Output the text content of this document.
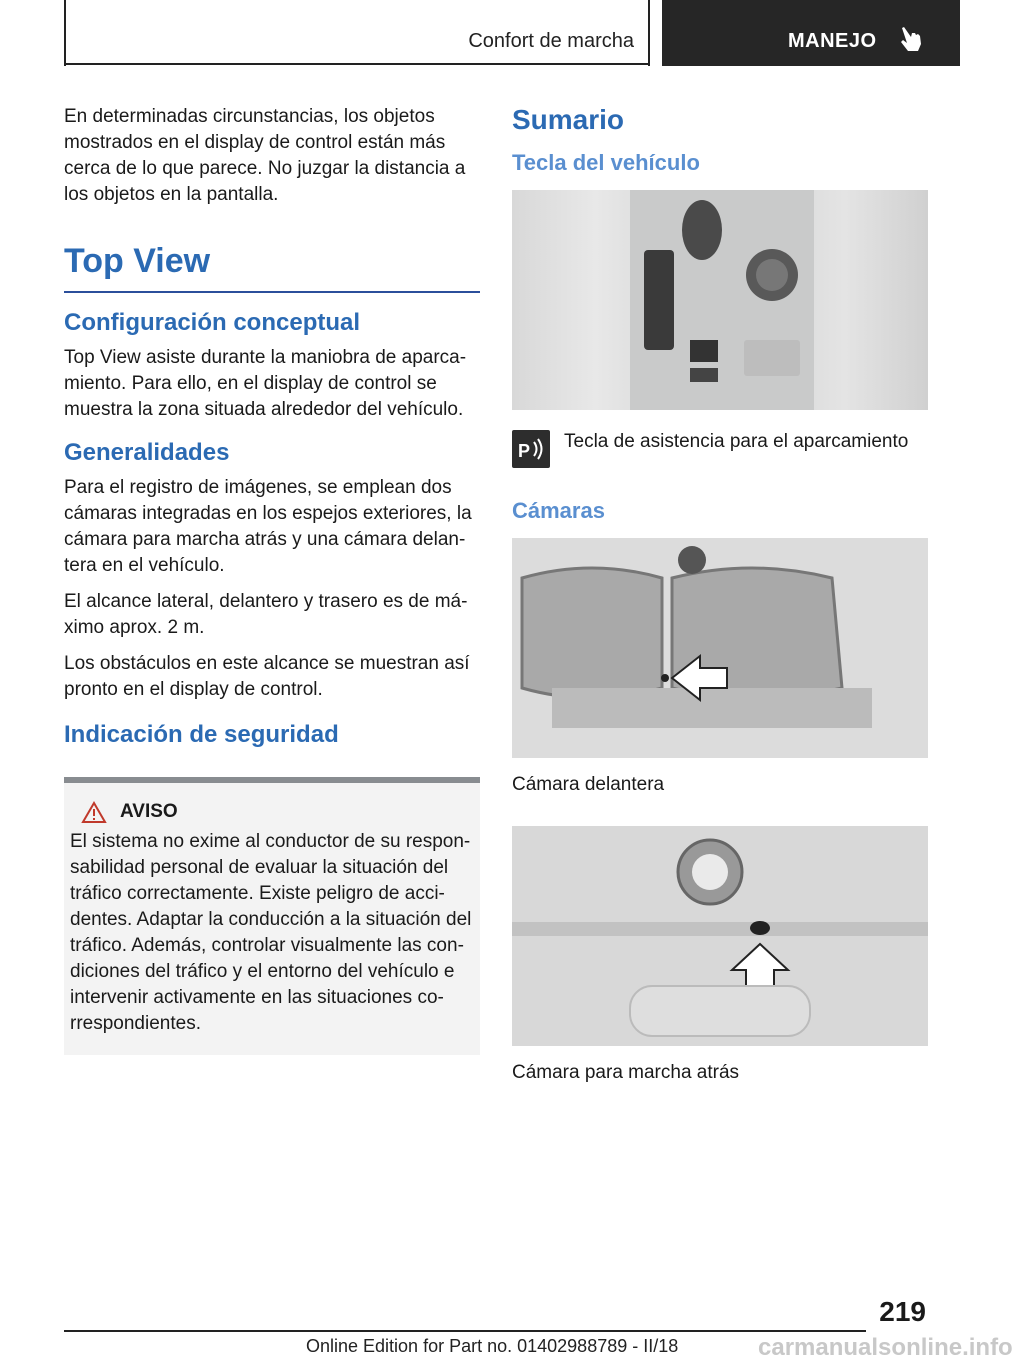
Confort de marcha	MANEJO

En determinadas circunstancias, los objetos mostrados en el display de control están más cerca de lo que parece. No juzgar la distancia a los objetos en la pantalla.

Top View
Configuración conceptual

Top View asiste durante la maniobra de aparca-miento. Para ello, en el display de control se muestra la zona situada alrededor del vehículo.

Generalidades

Para el registro de imágenes, se emplean dos cámaras integradas en los espejos exteriores, la cámara para marcha atrás y una cámara delan-tera en el vehículo.

El alcance lateral, delantero y trasero es de má-ximo aprox. 2 m.

Los obstáculos en este alcance se muestran así pronto en el display de control.

Indicación de seguridad
AVISO

El sistema no exime al conductor de su respon-sabilidad personal de evaluar la situación del tráfico correctamente. Existe peligro de acci-dentes. Adaptar la conducción a la situación del tráfico. Además, controlar visualmente las con-diciones del tráfico y el entorno del vehículo e intervenir activamente en las situaciones co-rrespondientes.

Sumario
Tecla del vehículo
P Tecla de asistencia para el aparcamiento
Cámaras
Cámara delantera
Cámara para marcha atrás
219
Online Edition for Part no. 01402988789 - II/18	carmanualsonline.info
